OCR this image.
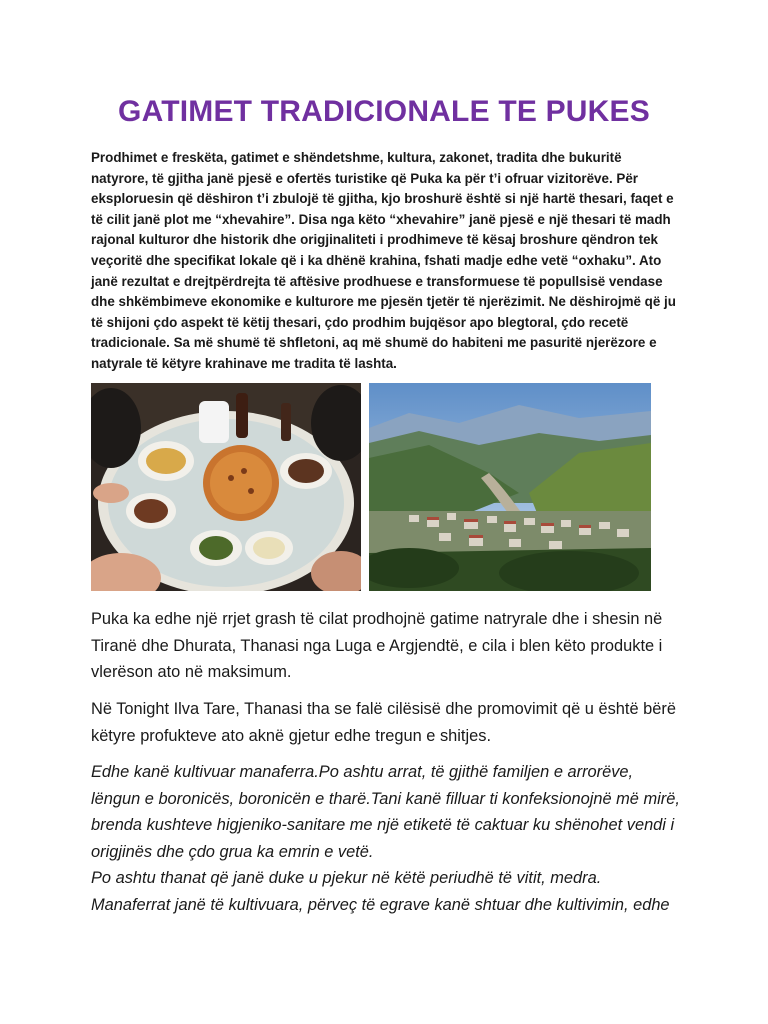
GATIMET TRADICIONALE TE PUKES

Prodhimet e freskëta, gatimet e shëndetshme, kultura, zakonet, tradita dhe bukuritë natyrore, të gjitha janë pjesë e ofertës turistike që Puka ka për t’i ofruar vizitorëve. Për eksploruesin që dëshiron t’i zbulojë të gjitha, kjo broshurë është si një hartë thesari, faqet e të cilit janë plot me “xhevahire”. Disa nga këto “xhevahire” janë pjesë e një thesari të madh rajonal kulturor dhe historik dhe origjinaliteti i prodhimeve të kësaj broshure qëndron tek veçoritë dhe specifikat lokale që i ka dhënë krahina, fshati madje edhe vetë “oxhaku”. Ato janë rezultat e drejtpërdrejta të aftësive prodhuese e transformuese të popullsisë vendase dhe shkëmbimeve ekonomike e kulturore me pjesën tjetër të njerëzimit. Ne dëshirojmë që ju të shijoni çdo aspekt të këtij thesari, çdo prodhim bujqësor apo blegtoral, çdo recetë tradicionale. Sa më shumë të shfletoni, aq më shumë do habiteni me pasuritë njerëzore e natyrale të këtyre krahinave me tradita të lashta.

Puka ka edhe një rrjet grash të cilat prodhojnë gatime natryrale dhe i shesin në Tiranë dhe Dhurata, Thanasi nga Luga e Argjendtë, e cila i blen këto produkte i vlerëson ato në maksimum.

Në Tonight Ilva Tare, Thanasi tha se falë cilësisë dhe promovimit që u është bërë këtyre profukteve ato aknë gjetur edhe tregun e shitjes.

Edhe kanë kultivuar manaferra.Po ashtu arrat, të gjithë familjen e arrorëve, lëngun e boronicës, boronicën e tharë.Tani kanë filluar ti konfeksionojnë më mirë, brenda kushteve higjeniko-sanitare me një etiketë të caktuar ku shënohet vendi i origjinës dhe çdo grua ka emrin e vetë.
Po ashtu thanat që janë duke u pjekur në këtë periudhë të vitit, medra.
Manaferrat janë të kultivuara, përveç të egrave kanë shtuar dhe kultivimin, edhe
